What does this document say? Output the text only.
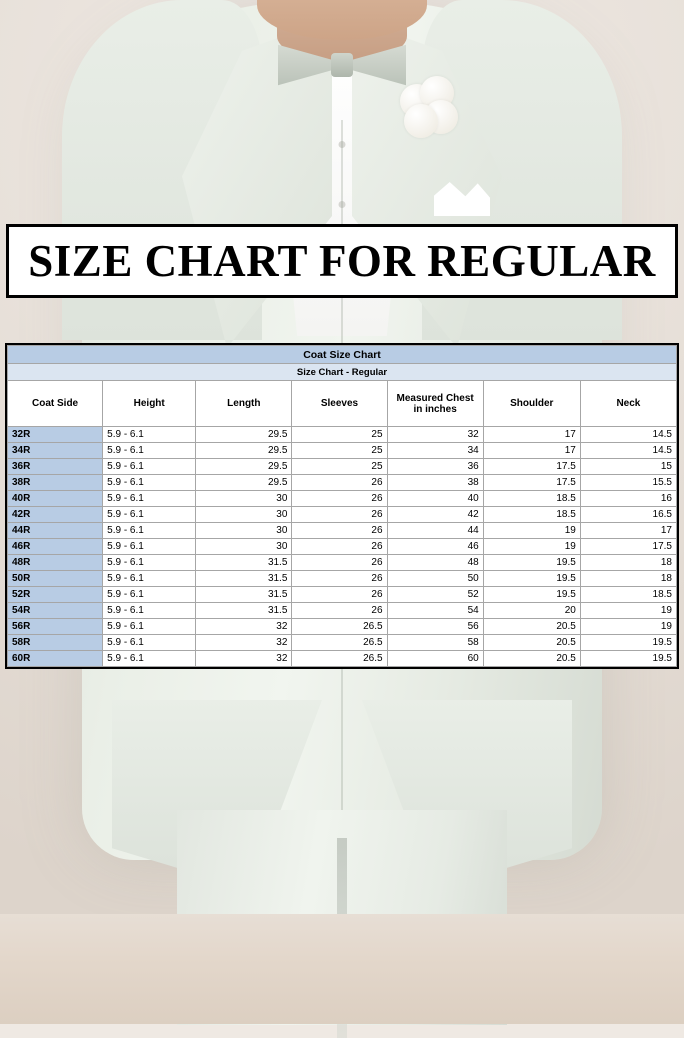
SIZE CHART FOR REGULAR
Coat Size Chart						
Size Chart - Regular						
Coat Side	Height	Length	Sleeves	Measured Chest in inches	Shoulder	Neck
32R	5.9 - 6.1	29.5	25	32	17	14.5
34R	5.9 - 6.1	29.5	25	34	17	14.5
36R	5.9 - 6.1	29.5	25	36	17.5	15
38R	5.9 - 6.1	29.5	26	38	17.5	15.5
40R	5.9 - 6.1	30	26	40	18.5	16
42R	5.9 - 6.1	30	26	42	18.5	16.5
44R	5.9 - 6.1	30	26	44	19	17
46R	5.9 - 6.1	30	26	46	19	17.5
48R	5.9 - 6.1	31.5	26	48	19.5	18
50R	5.9 - 6.1	31.5	26	50	19.5	18
52R	5.9 - 6.1	31.5	26	52	19.5	18.5
54R	5.9 - 6.1	31.5	26	54	20	19
56R	5.9 - 6.1	32	26.5	56	20.5	19
58R	5.9 - 6.1	32	26.5	58	20.5	19.5
60R	5.9 - 6.1	32	26.5	60	20.5	19.5
